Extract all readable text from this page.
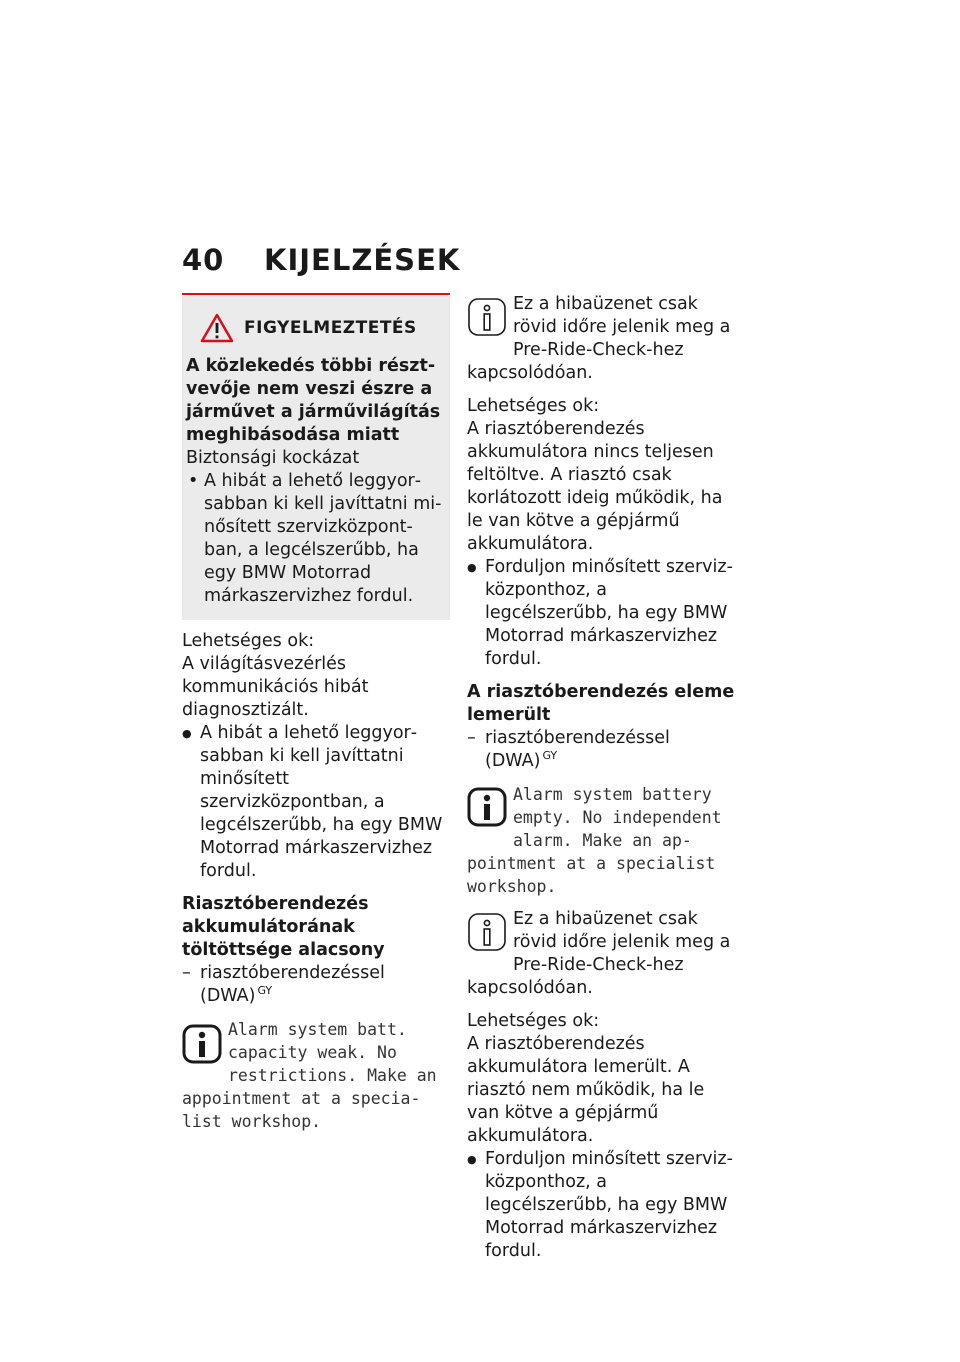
40	KIJELZÉSEK
FIGYELMEZTETÉS

A közlekedés többi résztvevője nem veszi észre a járművet a járművilágítás meghibásodása miatt

Biztonsági kockázat

• A hibát a lehető leggyorsabban ki kell javíttatni minősített szervizközpontban, a legcélszerűbb, ha egy BMW Motorrad márkaszervizhez fordul.

Lehetséges ok:

A világításvezérlés kommunikációs hibát diagnosztizált.

● A hibát a lehető leggyorsabban ki kell javíttatni minősített szervizközpontban, a legcélszerűbb, ha egy BMW Motorrad márkaszervizhez fordul.

Riasztóberendezés akkumulátorának töltöttsége alacsony

– riasztóberendezéssel (DWA) $^{GY}$
Alarm system batt. capacity weak. No restrictions. Make an appointment at a specialist workshop.
Ez a hibaüzenet csak rövid időre jelenik meg a Pre-Ride-Check-hez kapcsolódóan.

Lehetséges ok:

A riasztóberendezés akkumulátora nincs teljesen feltöltve. A riasztó csak korlátozott ideig működik, ha le van kötve a gépjármű akkumulátora.

● Forduljon minősített szervizközponthoz, a legcélszerűbb, ha egy BMW Motorrad márkaszervizhez fordul.

A riasztóberendezés eleme lemerült

– riasztóberendezéssel (DWA) $^{GY}$
Alarm system battery empty. No independent alarm. Make an appointment at a specialist workshop.
Ez a hibaüzenet csak rövid időre jelenik meg a Pre-Ride-Check-hez kapcsolódóan.

Lehetséges ok:

A riasztóberendezés akkumulátora lemerült. A riasztó nem működik, ha le van kötve a gépjármű akkumulátora.

● Forduljon minősített szervizközponthoz, a legcélszerűbb, ha egy BMW Motorrad márkaszervizhez fordul.
